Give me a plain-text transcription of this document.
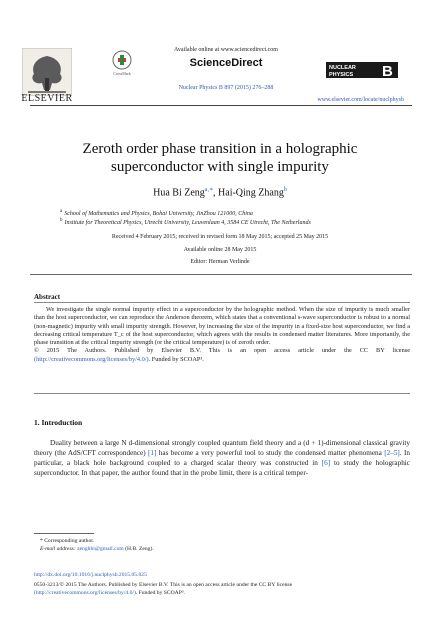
ELSEVIER
CrossMark
Available online at www.sciencedirect.com
ScienceDirect
Nuclear Physics B 897 (2015) 276–288
NUCLEAR
PHYSICS B
www.elsevier.com/locate/nuclphysb
Zeroth order phase transition in a holographic
superconductor with single impurity
Hua Bi Zeng$^{a,∗}$, Hai-Qing Zhang$^b$
$^a$ School of Mathematics and Physics, Bohai University, JinZhou 121000, China
$^b$ Institute for Theoretical Physics, Utrecht University, Leuvenlaan 4, 3584 CE Utrecht, The Netherlands
Received 4 February 2015; received in revised form 18 May 2015; accepted 25 May 2015
Available online 28 May 2015
Editor: Herman Verlinde
Abstract

We investigate the single normal impurity effect in a superconductor by the holographic method. When the size of impurity is much smaller than the host superconductor, we can reproduce the Anderson theorem, which states that a conventional s-wave superconductor is robust to a normal (non-magnetic) impurity with small impurity strength. However, by increasing the size of the impurity in a fixed-size host superconductor, we find a decreasing critical temperature T_c of the host superconductor, which agrees with the results in condensed matter literatures. More importantly, the phase transition at the critical impurity strength (or the critical temperature) is of zeroth order.

© 2015 The Authors. Published by Elsevier B.V. This is an open access article under the CC BY license (http://creativecommons.org/licenses/by/4.0/). Funded by SCOAP³.

1. Introduction

Duality between a large N d-dimensional strongly coupled quantum field theory and a (d + 1)-dimensional classical gravity theory (the AdS/CFT correspondence) [1] has become a very powerful tool to study the condensed matter phenomena [2–5]. In particular, a black hole background coupled to a charged scalar theory was constructed in [6] to study the holographic superconductor. In that paper, the author found that in the probe limit, there is a critical temper-

* Corresponding author.
E-mail address: zenghbi@gmail.com (H.B. Zeng).
http://dx.doi.org/10.1016/j.nuclphysb.2015.05.025
0550-3213/© 2015 The Authors. Published by Elsevier B.V. This is an open access article under the CC BY license
(http://creativecommons.org/licenses/by/4.0/). Funded by SCOAP³.
